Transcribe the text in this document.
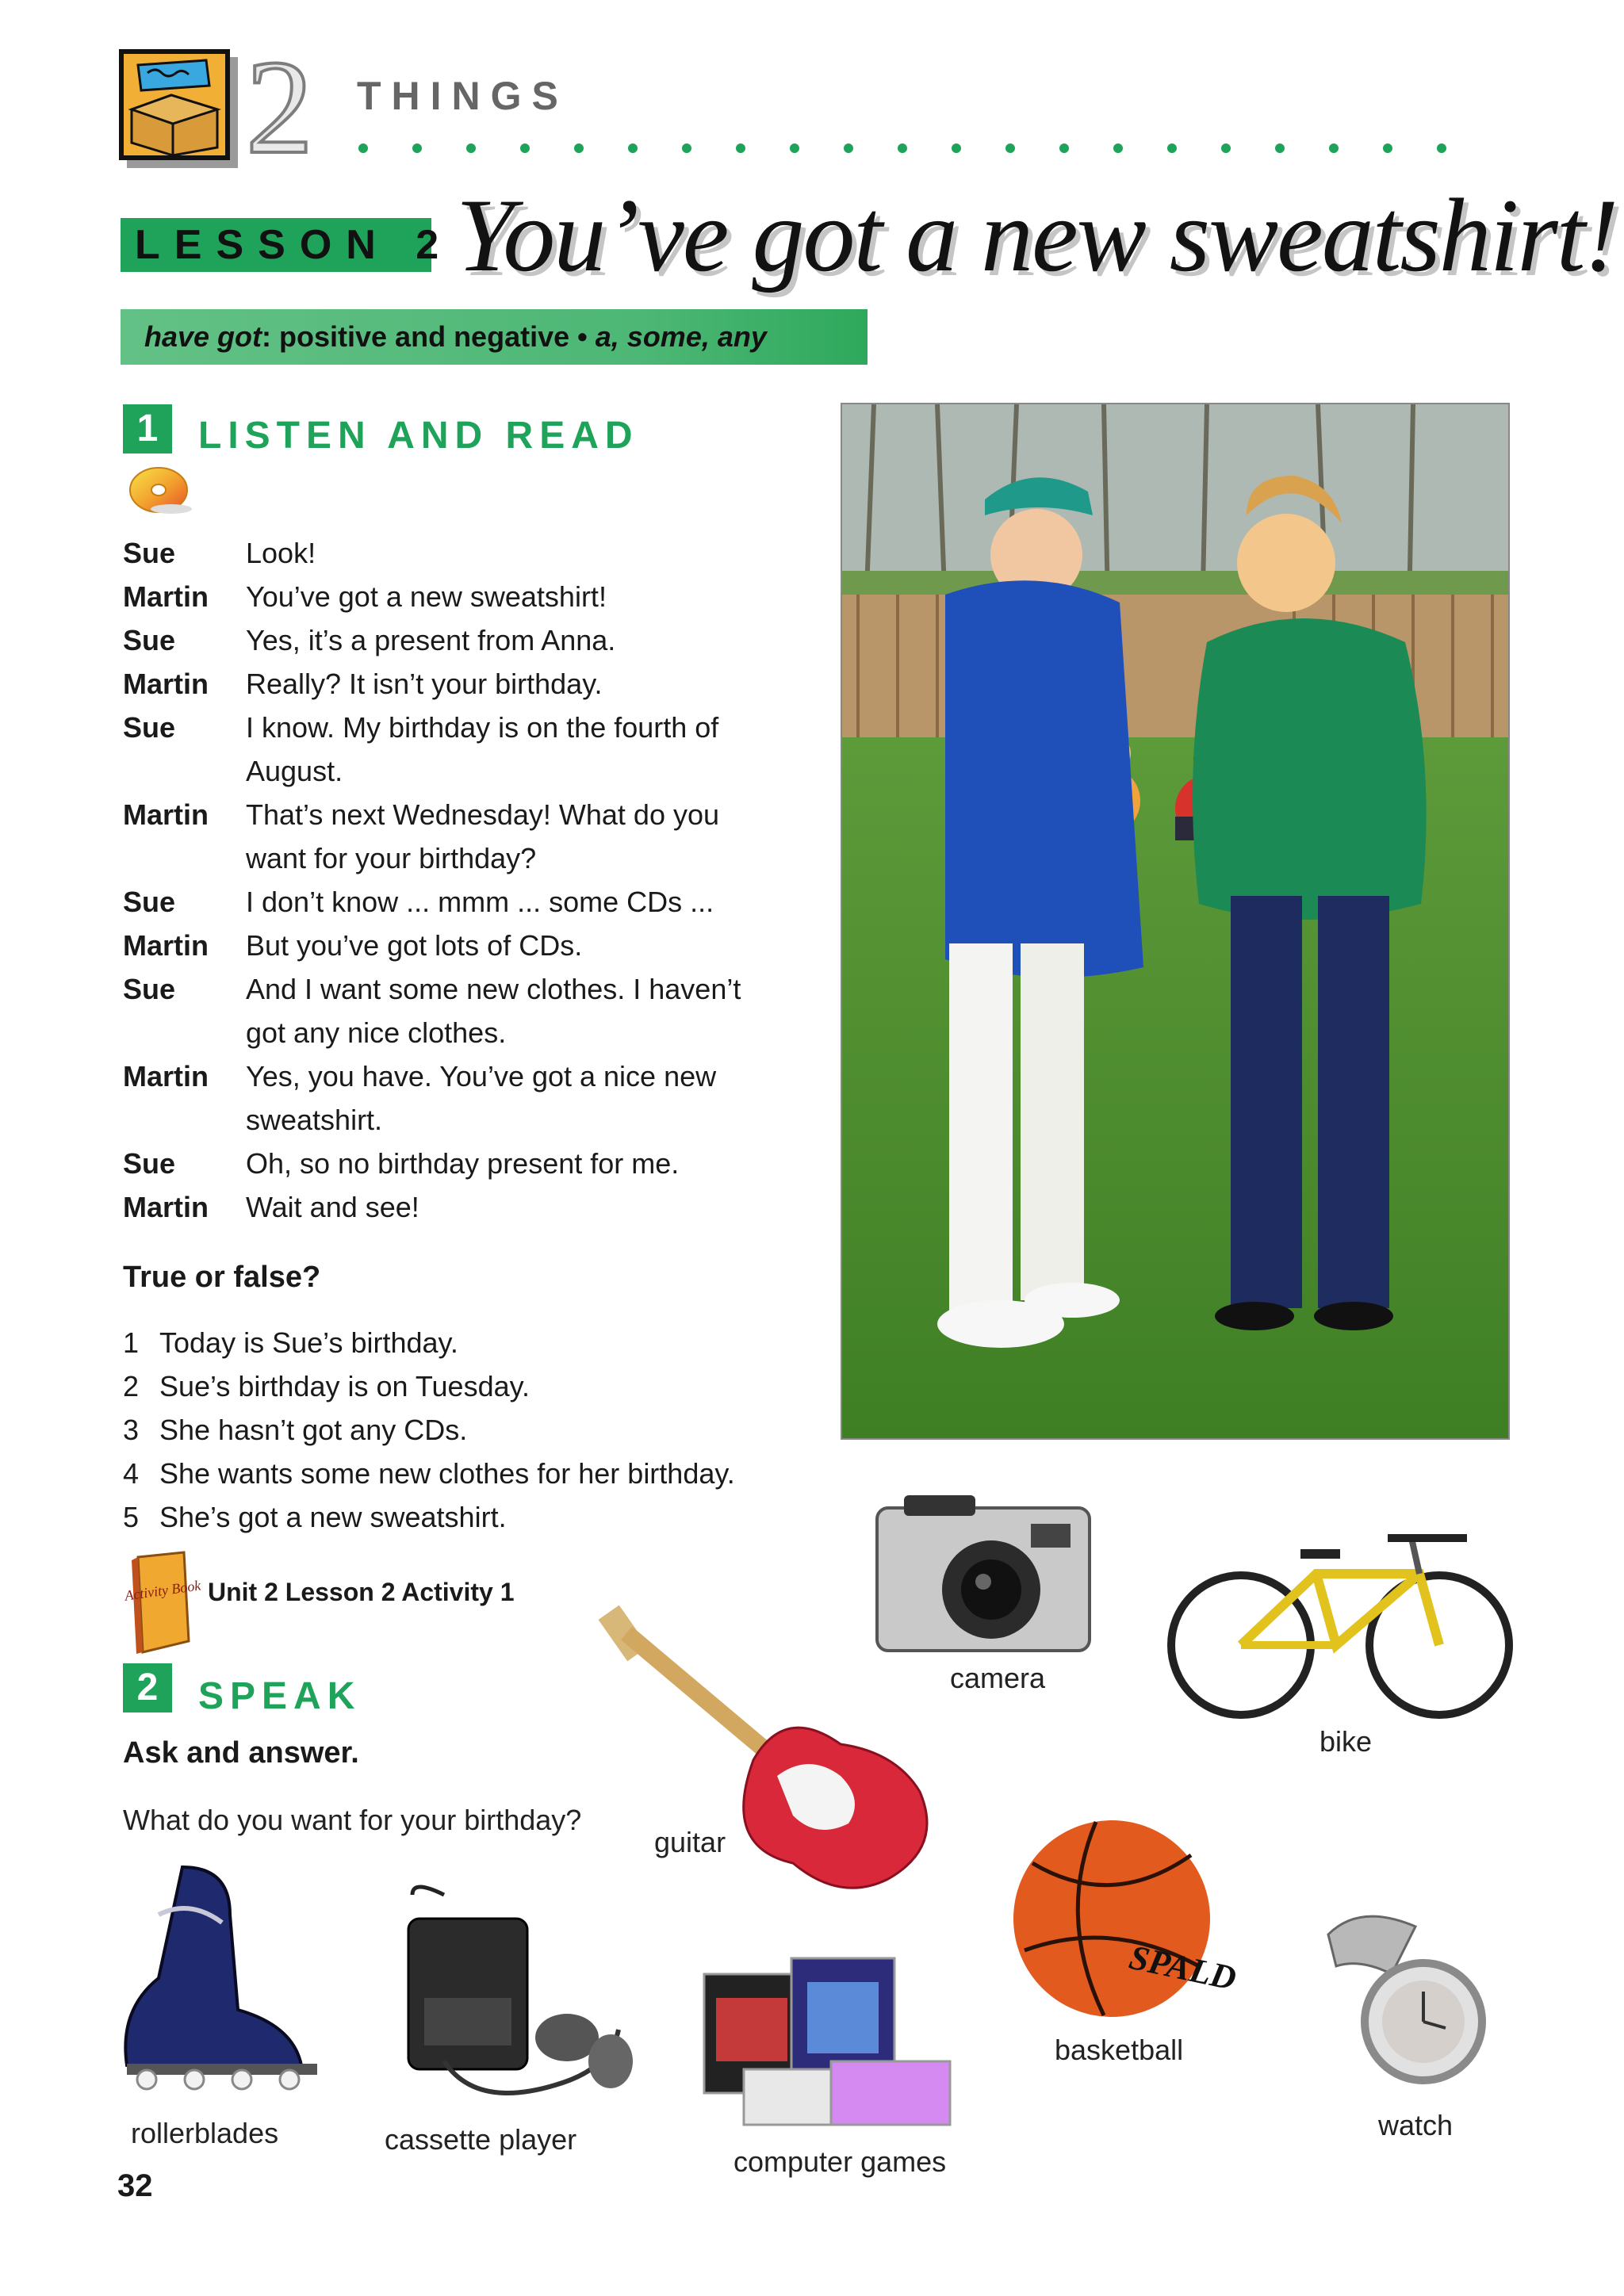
2 THINGS
LESSON 2 You’ve got a new sweatshirt!
have got: positive and negative • a, some, any
1	LISTEN AND READ
Sue	Look!
Martin	You’ve got a new sweatshirt!
Sue	Yes, it’s a present from Anna.
Martin	Really? It isn’t your birthday.
Sue	I know. My birthday is on the fourth of August.
Martin	That’s next Wednesday! What do you want for your birthday?
Sue	I don’t know ... mmm ... some CDs ...
Martin	But you’ve got lots of CDs.
Sue	And I want some new clothes. I haven’t got any nice clothes.
Martin	Yes, you have. You’ve got a nice new sweatshirt.
Sue	Oh, so no birthday present for me.
Martin	Wait and see!
True or false?
1 Today is Sue’s birthday.
2 Sue’s birthday is on Tuesday.
3 She hasn’t got any CDs.
4 She wants some new clothes for her birthday.
5 She’s got a new sweatshirt.
Activity Book Unit 2 Lesson 2 Activity 1
2	SPEAK
Ask and answer.
What do you want for your birthday?
camera
bike
guitar
SPALD
basketball
watch
rollerblades	cassette player
computer games
32
